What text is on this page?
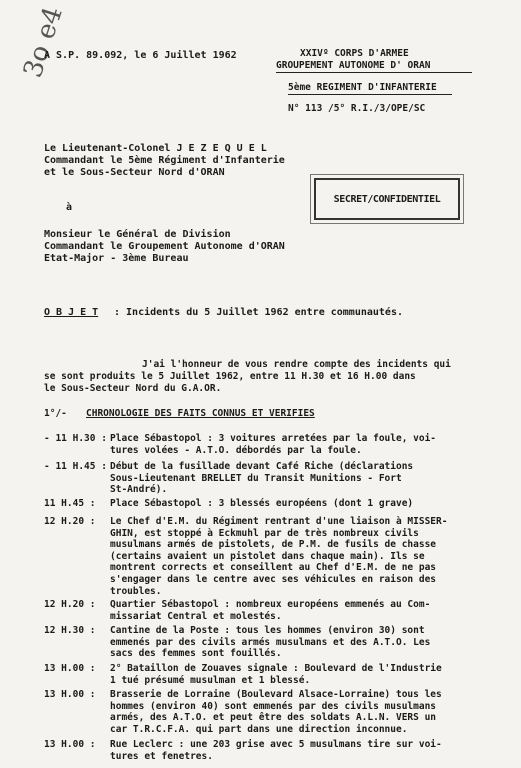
3o e4
A S.P. 89.092, le 6 Juillet 1962	XXIVº CORPS D'ARMEE
GROUPEMENT AUTONOME D' ORAN
5ème REGIMENT D'INFANTERIE
N° 113 /5° R.I./3/OPE/SC
Le Lieutenant-Colonel J E Z E Q U E L
Commandant le 5ème Régiment d'Infanterie
et le Sous-Secteur Nord d'ORAN
SECRET/CONFIDENTIEL
à
Monsieur le Général de Division
Commandant le Groupement Autonome d'ORAN
Etat-Major - 3ème Bureau
O B J E T : Incidents du 5 Juillet 1962 entre communautés.
J'ai l'honneur de vous rendre compte des incidents qui
se sont produits le 5 Juillet 1962, entre 11 H.30 et 16 H.00 dans
le Sous-Secteur Nord du G.A.OR.
1°/- CHRONOLOGIE DES FAITS CONNUS ET VERIFIES
- 11 H.30 : Place Sébastopol : 3 voitures arretées par la foule, voi-
tures volées - A.T.O. débordés par la foule.
- 11 H.45 : Début de la fusillade devant Café Riche (déclarations
Sous-Lieutenant BRELLET du Transit Munitions - Fort
St-André).
11 H.45 :	Place Sébastopol : 3 blessés européens (dont 1 grave)
12 H.20 :	Le Chef d'E.M. du Régiment rentrant d'une liaison à MISSER-
GHIN, est stoppé à Eckmuhl par de très nombreux civils
musulmans armés de pistolets, de P.M. de fusils de chasse
(certains avaient un pistolet dans chaque main). Ils se
montrent corrects et conseillent au Chef d'E.M. de ne pas
s'engager dans le centre avec ses véhicules en raison des
troubles.
12 H.20 :	Quartier Sébastopol : nombreux européens emmenés au Com-
missariat Central et molestés.
12 H.30 :	Cantine de la Poste : tous les hommes (environ 30) sont
emmenés par des civils armés musulmans et des A.T.O. Les
sacs des femmes sont fouillés.
13 H.00 :	2° Bataillon de Zouaves signale : Boulevard de l'Industrie
1 tué présumé musulman et 1 blessé.
13 H.00 :	Brasserie de Lorraine (Boulevard Alsace-Lorraine) tous les
hommes (environ 40) sont emmenés par des civils musulmans
armés, des A.T.O. et peut être des soldats A.L.N. VERS un
car T.R.C.F.A. qui part dans une direction inconnue.
13 H.00 :	Rue Leclerc : une 203 grise avec 5 musulmans tire sur voi-
tures et fenetres.
